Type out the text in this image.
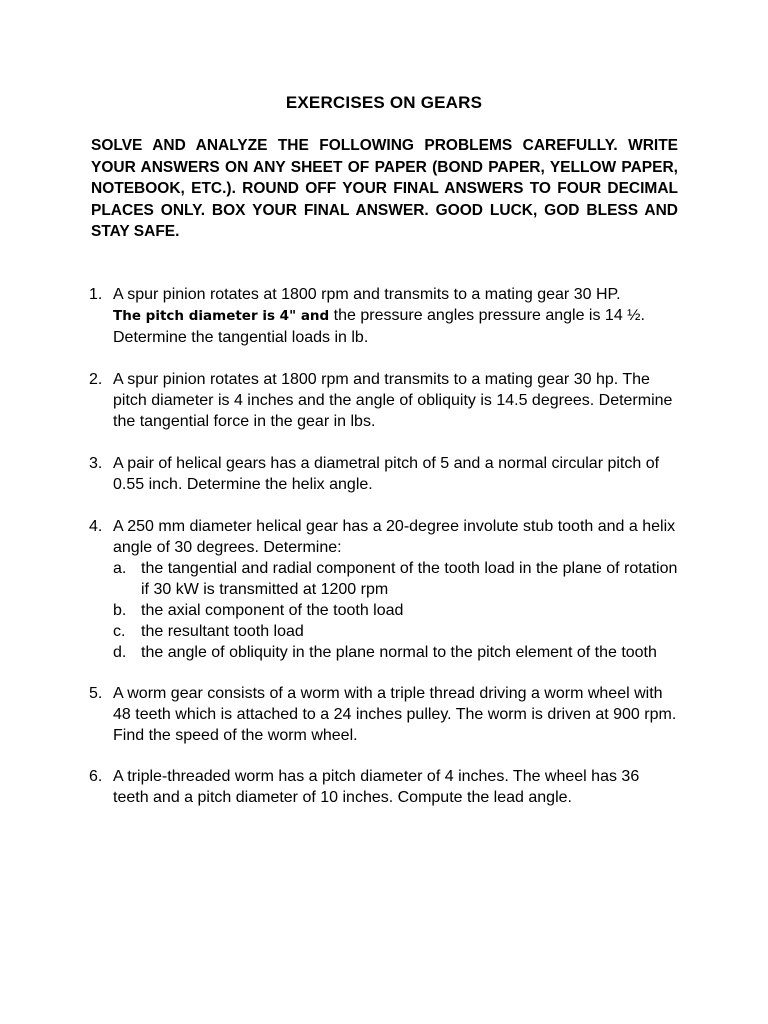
EXERCISES ON GEARS
SOLVE AND ANALYZE THE FOLLOWING PROBLEMS CAREFULLY. WRITE YOUR ANSWERS ON ANY SHEET OF PAPER (BOND PAPER, YELLOW PAPER, NOTEBOOK, ETC.). ROUND OFF YOUR FINAL ANSWERS TO FOUR DECIMAL PLACES ONLY. BOX YOUR FINAL ANSWER. GOOD LUCK, GOD BLESS AND STAY SAFE.
1. A spur pinion rotates at 1800 rpm and transmits to a mating gear 30 HP.
The pitch diameter is 4" and the pressure angles pressure angle is 14 ½. Determine the tangential loads in lb.
2. A spur pinion rotates at 1800 rpm and transmits to a mating gear 30 hp. The pitch diameter is 4 inches and the angle of obliquity is 14.5 degrees. Determine the tangential force in the gear in lbs.
3. A pair of helical gears has a diametral pitch of 5 and a normal circular pitch of 0.55 inch. Determine the helix angle.
4. A 250 mm diameter helical gear has a 20-degree involute stub tooth and a helix angle of 30 degrees. Determine:
a. the tangential and radial component of the tooth load in the plane of rotation if 30 kW is transmitted at 1200 rpm
b. the axial component of the tooth load
c. the resultant tooth load
d. the angle of obliquity in the plane normal to the pitch element of the tooth
5. A worm gear consists of a worm with a triple thread driving a worm wheel with 48 teeth which is attached to a 24 inches pulley. The worm is driven at 900 rpm. Find the speed of the worm wheel.
6. A triple-threaded worm has a pitch diameter of 4 inches. The wheel has 36 teeth and a pitch diameter of 10 inches. Compute the lead angle.
